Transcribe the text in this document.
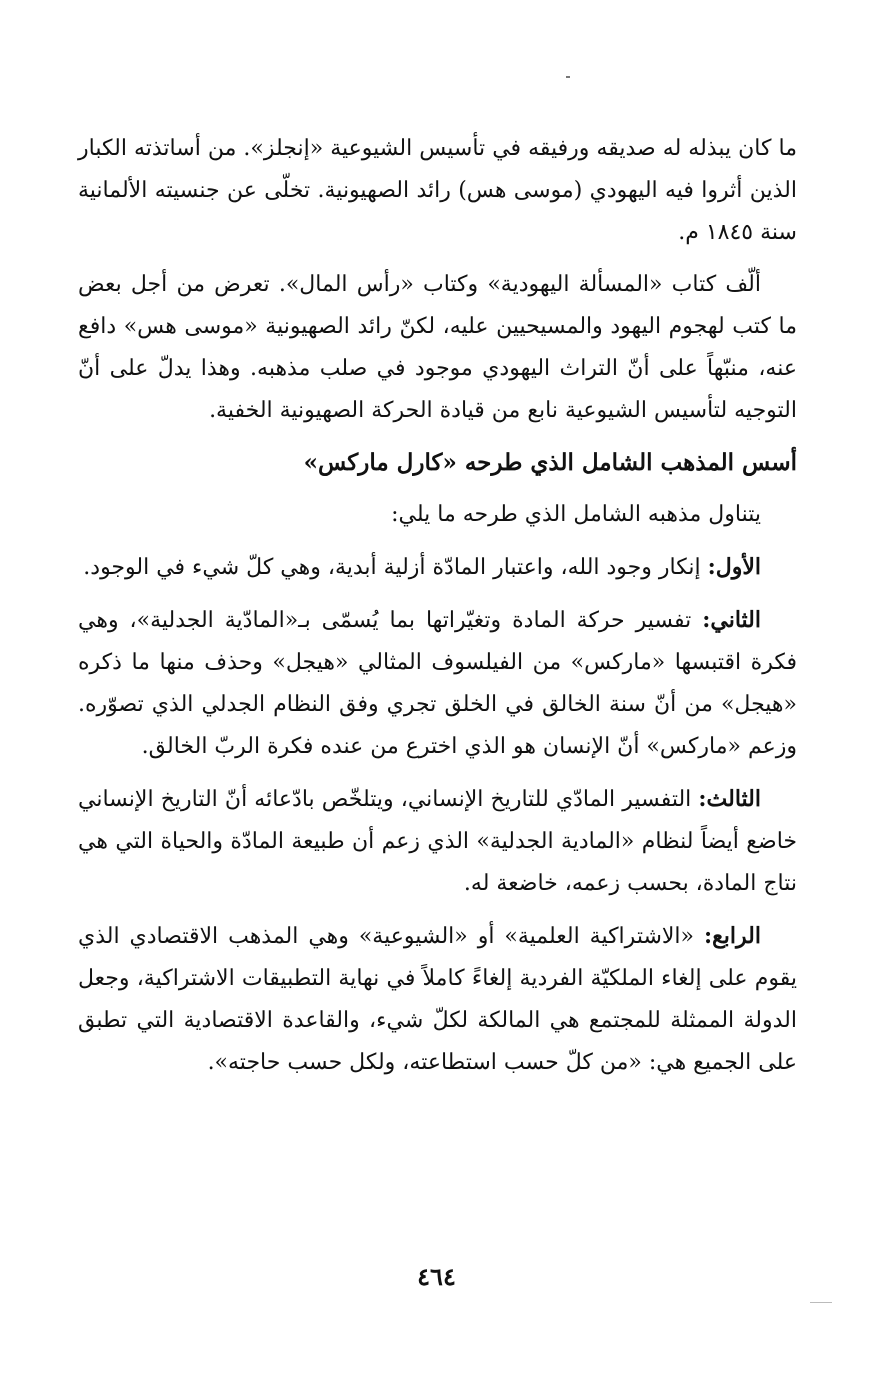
ما كان يبذله له صديقه ورفيقه في تأسيس الشيوعية «إنجلز». من أساتذته الكبار الذين أثروا فيه اليهودي (موسى هس) رائد الصهيونية. تخلّى عن جنسيته الألمانية سنة ١٨٤٥ م.

ألّف كتاب «المسألة اليهودية» وكتاب «رأس المال». تعرض من أجل بعض ما كتب لهجوم اليهود والمسيحيين عليه، لكنّ رائد الصهيونية «موسى هس» دافع عنه، منبّهاً على أنّ التراث اليهودي موجود في صلب مذهبه. وهذا يدلّ على أنّ التوجيه لتأسيس الشيوعية نابع من قيادة الحركة الصهيونية الخفية.

أسس المذهب الشامل الذي طرحه «كارل ماركس»

يتناول مذهبه الشامل الذي طرحه ما يلي:

الأول: إنكار وجود الله، واعتبار المادّة أزلية أبدية، وهي كلّ شيء في الوجود.

الثاني: تفسير حركة المادة وتغيّراتها بما يُسمّى بـ«المادّية الجدلية»، وهي فكرة اقتبسها «ماركس» من الفيلسوف المثالي «هيجل» وحذف منها ما ذكره «هيجل» من أنّ سنة الخالق في الخلق تجري وفق النظام الجدلي الذي تصوّره. وزعم «ماركس» أنّ الإنسان هو الذي اخترع من عنده فكرة الربّ الخالق.

الثالث: التفسير المادّي للتاريخ الإنساني، ويتلخّص بادّعائه أنّ التاريخ الإنساني خاضع أيضاً لنظام «المادية الجدلية» الذي زعم أن طبيعة المادّة والحياة التي هي نتاج المادة، بحسب زعمه، خاضعة له.

الرابع: «الاشتراكية العلمية» أو «الشيوعية» وهي المذهب الاقتصادي الذي يقوم على إلغاء الملكيّة الفردية إلغاءً كاملاً في نهاية التطبيقات الاشتراكية، وجعل الدولة الممثلة للمجتمع هي المالكة لكلّ شيء، والقاعدة الاقتصادية التي تطبق على الجميع هي: «من كلّ حسب استطاعته، ولكل حسب حاجته».

٤٦٤
